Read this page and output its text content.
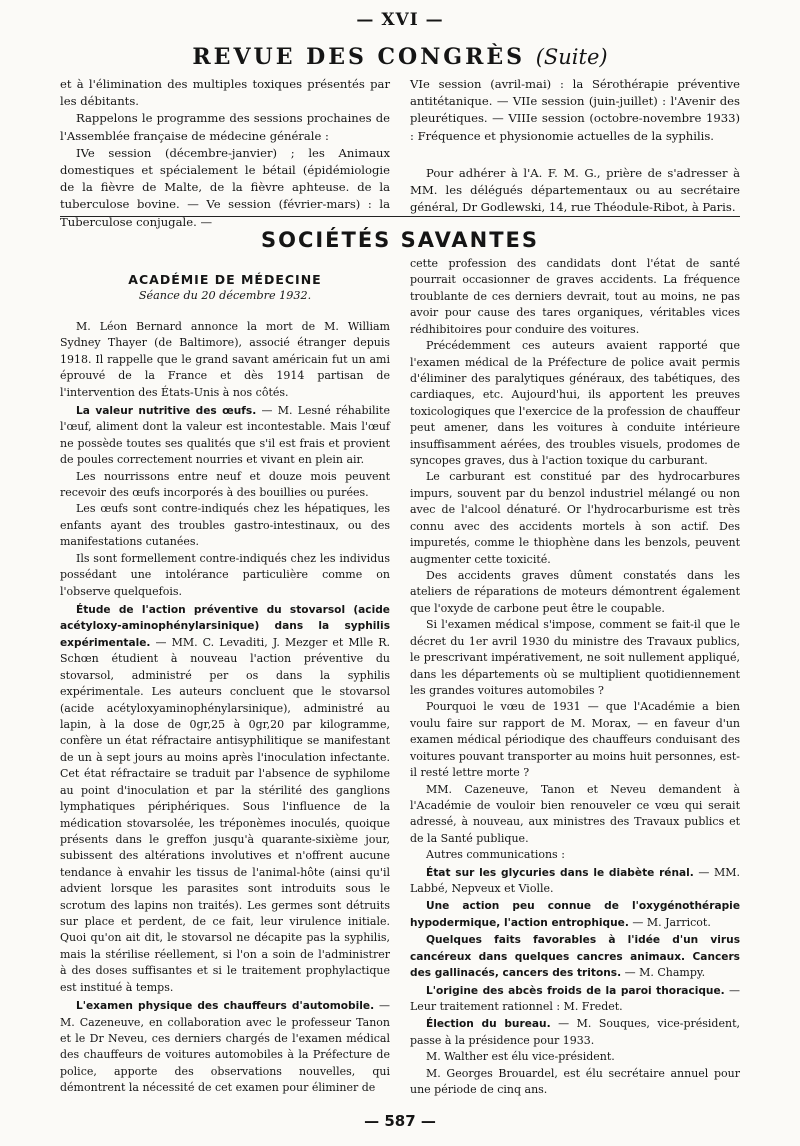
— XVI —
REVUE DES CONGRÈS (Suite)

et à l'élimination des multiples toxiques présentés par les débitants.

Rappelons le programme des sessions prochaines de l'Assemblée française de médecine générale :

IVe session (décembre-janvier) ; les Animaux domestiques et spécialement le bétail (épidémiologie de la fièvre de Malte, de la fièvre aphteuse. de la tuberculose bovine. — Ve session (février-mars) : la Tuberculose conjugale. —

VIe session (avril-mai) : la Sérothérapie préventive antitétanique. — VIIe session (juin-juillet) : l'Avenir des pleurétiques. — VIIIe session (octobre-novembre 1933) : Fréquence et physionomie actuelles de la syphilis.

Pour adhérer à l'A. F. M. G., prière de s'adresser à MM. les délégués départementaux ou au secrétaire général, Dr Godlewski, 14, rue Théodule-Ribot, à Paris.

SOCIÉTÉS SAVANTES

ACADÉMIE DE MÉDECINE

Séance du 20 décembre 1932.

M. Léon Bernard annonce la mort de M. William Sydney Thayer (de Baltimore), associé étranger depuis 1918. Il rappelle que le grand savant américain fut un ami éprouvé de la France et dès 1914 partisan de l'intervention des États-Unis à nos côtés.

La valeur nutritive des œufs. — M. Lesné réhabilite l'œuf, aliment dont la valeur est incontestable. Mais l'œuf ne possède toutes ses qualités que s'il est frais et provient de poules correctement nourries et vivant en plein air.

Les nourrissons entre neuf et douze mois peuvent recevoir des œufs incorporés à des bouillies ou purées.

Les œufs sont contre-indiqués chez les hépatiques, les enfants ayant des troubles gastro-intestinaux, ou des manifestations cutanées.

Ils sont formellement contre-indiqués chez les individus possédant une intolérance particulière comme on l'observe quelquefois.

Étude de l'action préventive du stovarsol (acide acétyloxy-aminophénylarsinique) dans la syphilis expérimentale. — MM. C. Levaditi, J. Mezger et Mlle R. Schœn étudient à nouveau l'action préventive du stovarsol, administré per os dans la syphilis expérimentale. Les auteurs concluent que le stovarsol (acide acétyloxyaminophénylarsinique), administré au lapin, à la dose de 0gr,25 à 0gr,20 par kilogramme, confère un état réfractaire antisyphilitique se manifestant de un à sept jours au moins après l'inoculation infectante. Cet état réfractaire se traduit par l'absence de syphilome au point d'inoculation et par la stérilité des ganglions lymphatiques périphériques. Sous l'influence de la médication stovarsolée, les tréponèmes inoculés, quoique présents dans le greffon jusqu'à quarante-sixième jour, subissent des altérations involutives et n'offrent aucune tendance à envahir les tissus de l'animal-hôte (ainsi qu'il advient lorsque les parasites sont introduits sous le scrotum des lapins non traités). Les germes sont détruits sur place et perdent, de ce fait, leur virulence initiale. Quoi qu'on ait dit, le stovarsol ne décapite pas la syphilis, mais la stérilise réellement, si l'on a soin de l'administrer à des doses suffisantes et si le traitement prophylactique est institué à temps.

L'examen physique des chauffeurs d'automobile. — M. Cazeneuve, en collaboration avec le professeur Tanon et le Dr Neveu, ces derniers chargés de l'examen médical des chauffeurs de voitures automobiles à la Préfecture de police, apporte des observations nouvelles, qui démontrent la nécessité de cet examen pour éliminer de

cette profession des candidats dont l'état de santé pourrait occasionner de graves accidents. La fréquence troublante de ces derniers devrait, tout au moins, ne pas avoir pour cause des tares organiques, véritables vices rédhibitoires pour conduire des voitures.

Précédemment ces auteurs avaient rapporté que l'examen médical de la Préfecture de police avait permis d'éliminer des paralytiques généraux, des tabétiques, des cardiaques, etc. Aujourd'hui, ils apportent les preuves toxicologiques que l'exercice de la profession de chauffeur peut amener, dans les voitures à conduite intérieure insuffisamment aérées, des troubles visuels, prodomes de syncopes graves, dus à l'action toxique du carburant.

Le carburant est constitué par des hydrocarbures impurs, souvent par du benzol industriel mélangé ou non avec de l'alcool dénaturé. Or l'hydrocarburisme est très connu avec des accidents mortels à son actif. Des impuretés, comme le thiophène dans les benzols, peuvent augmenter cette toxicité.

Des accidents graves dûment constatés dans les ateliers de réparations de moteurs démontrent également que l'oxyde de carbone peut être le coupable.

Si l'examen médical s'impose, comment se fait-il que le décret du 1er avril 1930 du ministre des Travaux publics, le prescrivant impérativement, ne soit nullement appliqué, dans les départements où se multiplient quotidiennement les grandes voitures automobiles ?

Pourquoi le vœu de 1931 — que l'Académie a bien voulu faire sur rapport de M. Morax, — en faveur d'un examen médical périodique des chauffeurs conduisant des voitures pouvant transporter au moins huit personnes, est-il resté lettre morte ?

MM. Cazeneuve, Tanon et Neveu demandent à l'Académie de vouloir bien renouveler ce vœu qui serait adressé, à nouveau, aux ministres des Travaux publics et de la Santé publique.

Autres communications :

État sur les glycuries dans le diabète rénal. — MM. Labbé, Nepveux et Violle.

Une action peu connue de l'oxygénothérapie hypodermique, l'action entrophique. — M. Jarricot.

Quelques faits favorables à l'idée d'un virus cancéreux dans quelques cancres animaux. Cancers des gallinacés, cancers des tritons. — M. Champy.

L'origine des abcès froids de la paroi thoracique. — Leur traitement rationnel : M. Fredet.

Élection du bureau. — M. Souques, vice-président, passe à la présidence pour 1933.

M. Walther est élu vice-président.

M. Georges Brouardel, est élu secrétaire annuel pour une période de cinq ans.

— 587 —
